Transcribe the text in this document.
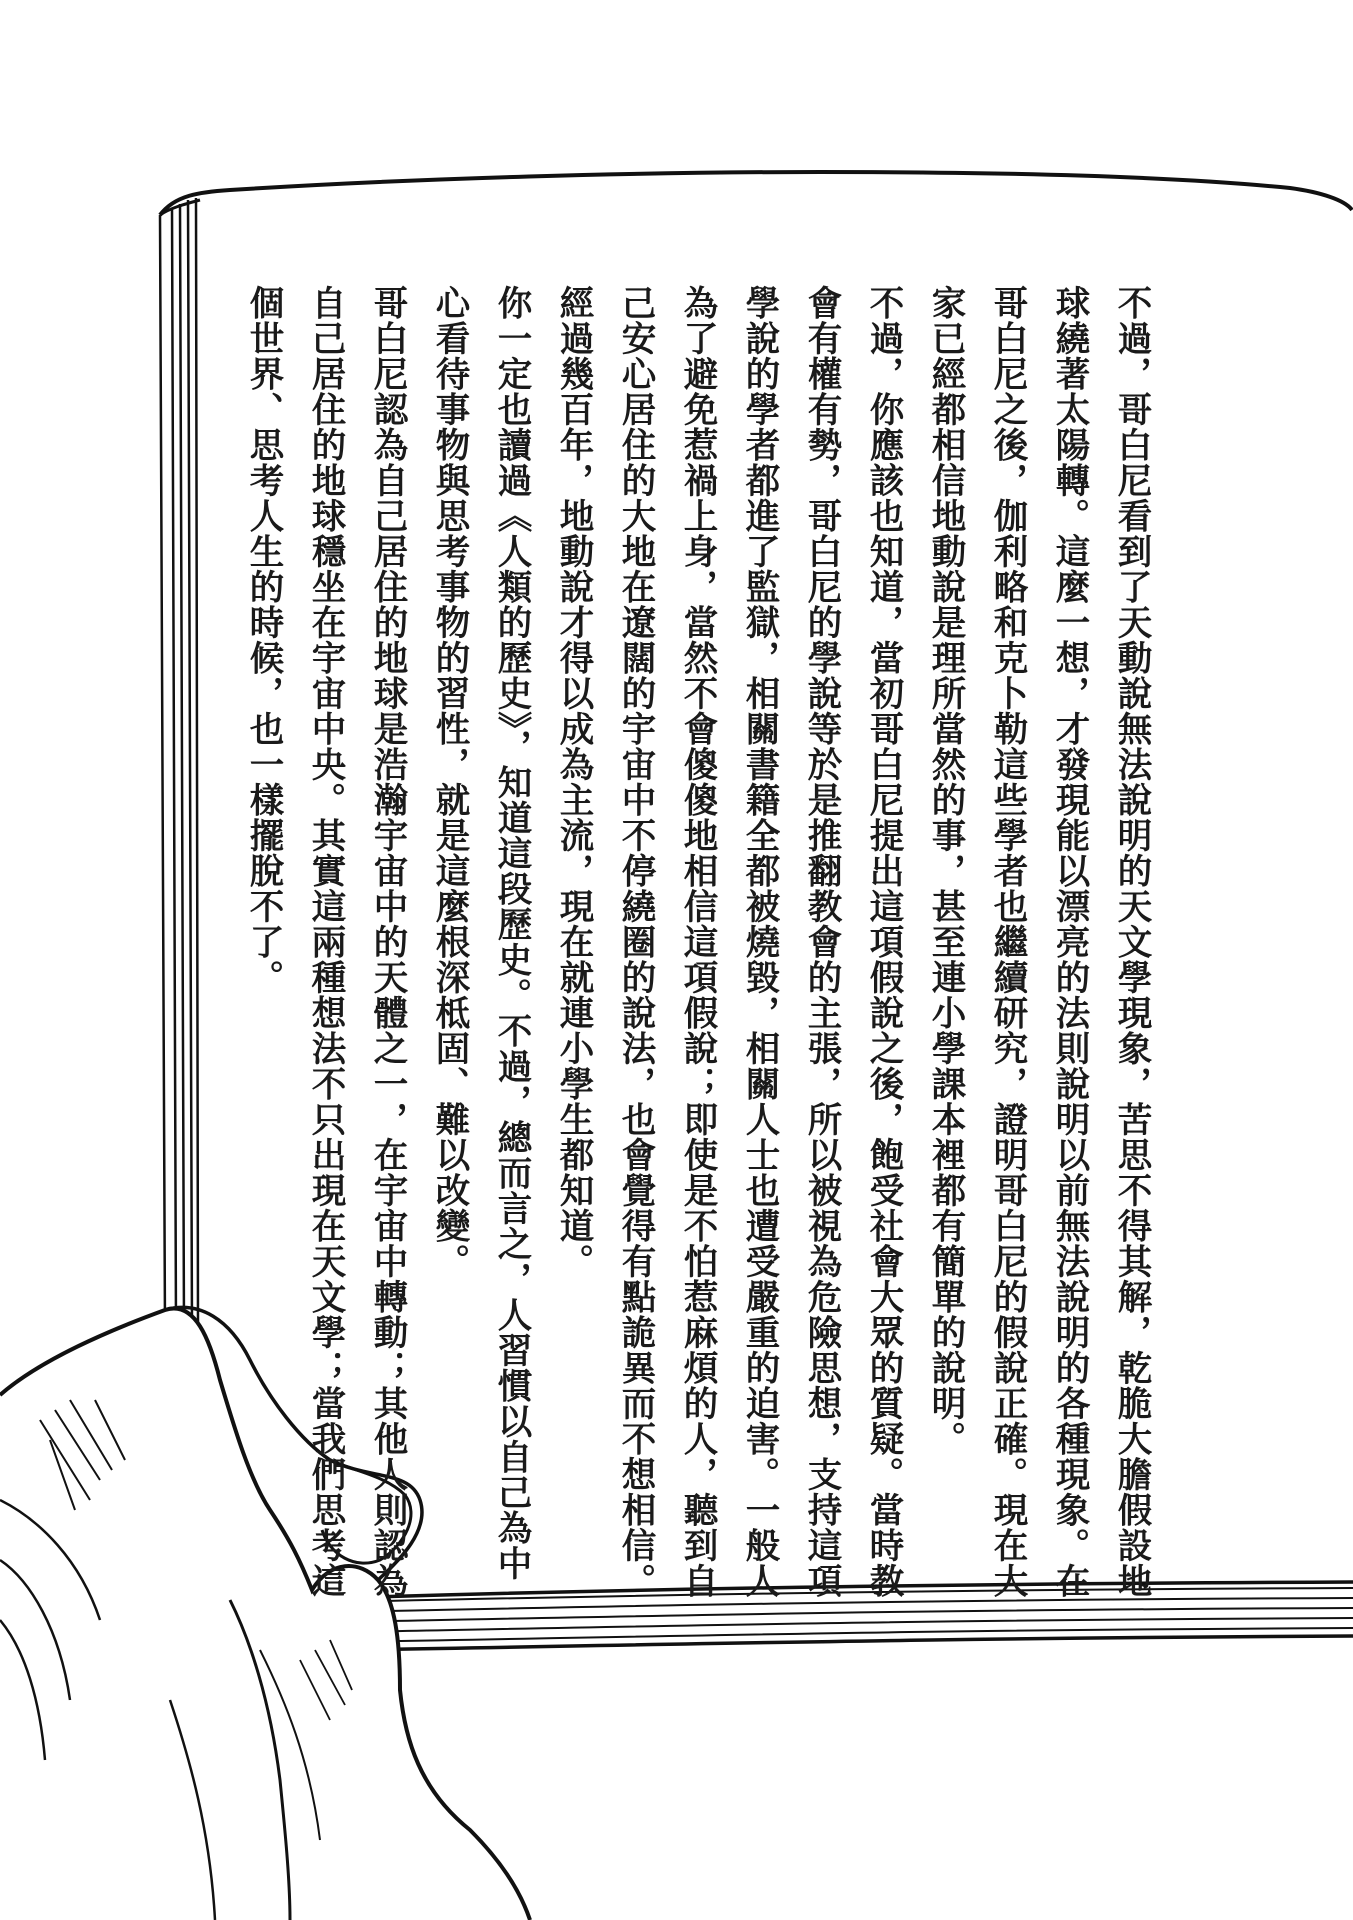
不過，哥白尼看到了天動說無法說明的天文學現象，苦思不得其解，乾脆大膽假設地球繞著太陽轉。這麼一想，才發現能以漂亮的法則說明以前無法說明的各種現象。在哥白尼之後，伽利略和克卜勒這些學者也繼續研究，證明哥白尼的假說正確。現在大家已經都相信地動說是理所當然的事，甚至連小學課本裡都有簡單的說明。

不過，你應該也知道，當初哥白尼提出這項假說之後，飽受社會大眾的質疑。當時教會有權有勢，哥白尼的學說等於是推翻教會的主張，所以被視為危險思想，支持這項學說的學者都進了監獄，相關書籍全都被燒毀，相關人士也遭受嚴重的迫害。一般人為了避免惹禍上身，當然不會傻傻地相信這項假說；即使是不怕惹麻煩的人，聽到自己安心居住的大地在遼闊的宇宙中不停繞圈的說法，也會覺得有點詭異而不想相信。經過幾百年，地動說才得以成為主流，現在就連小學生都知道。

你一定也讀過《人類的歷史》，知道這段歷史。不過，總而言之，人習慣以自己為中心看待事物與思考事物的習性，就是這麼根深柢固、難以改變。

哥白尼認為自己居住的地球是浩瀚宇宙中的天體之一，在宇宙中轉動；其他人則認為自己居住的地球穩坐在宇宙中央。其實這兩種想法不只出現在天文學；當我們思考這個世界、思考人生的時候，也一樣擺脫不了。
